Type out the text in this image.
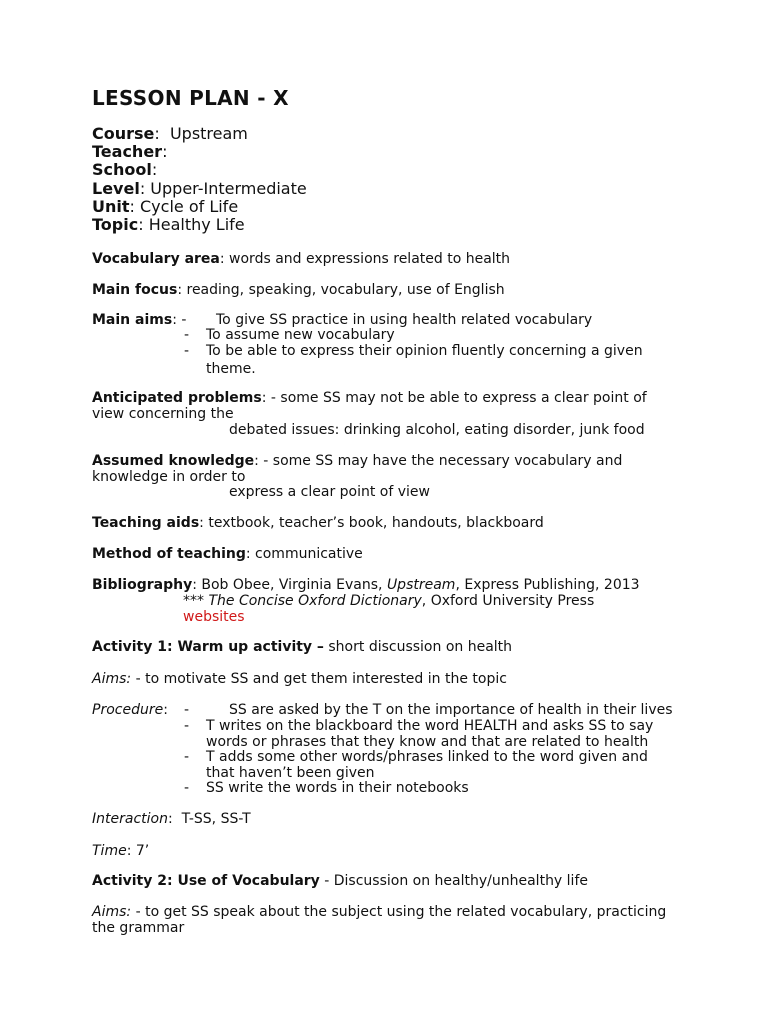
LESSON PLAN - X
Course:  Upstream
Teacher:
School:
Level: Upper-Intermediate
Unit: Cycle of Life
Topic: Healthy Life
Vocabulary area: words and expressions related to health
Main focus: reading, speaking, vocabulary, use of English
Main aims: - To give SS practice in using health related vocabulary
- To assume new vocabulary
- To be able to express their opinion fluently concerning a given
theme.
Anticipated problems: - some SS may not be able to express a clear point of
view concerning the
debated issues: drinking alcohol, eating disorder, junk food
Assumed knowledge: - some SS may have the necessary vocabulary and
knowledge in order to
express a clear point of view
Teaching aids: textbook, teacher’s book, handouts, blackboard
Method of teaching: communicative
Bibliography: Bob Obee, Virginia Evans, Upstream, Express Publishing, 2013
*** The Concise Oxford Dictionary, Oxford University Press
websites
Activity 1: Warm up activity – short discussion on health
Aims: - to motivate SS and get them interested in the topic
Procedure: -	SS are asked by the T on the importance of health in their lives
- T writes on the blackboard the word HEALTH and asks SS to say
words or phrases that they know and that are related to health
- T adds some other words/phrases linked to the word given and
that haven’t been given
- SS write the words in their notebooks
Interaction:  T-SS, SS-T
Time: 7’
Activity 2: Use of Vocabulary - Discussion on healthy/unhealthy life
Aims: - to get SS speak about the subject using the related vocabulary, practicing
the grammar
